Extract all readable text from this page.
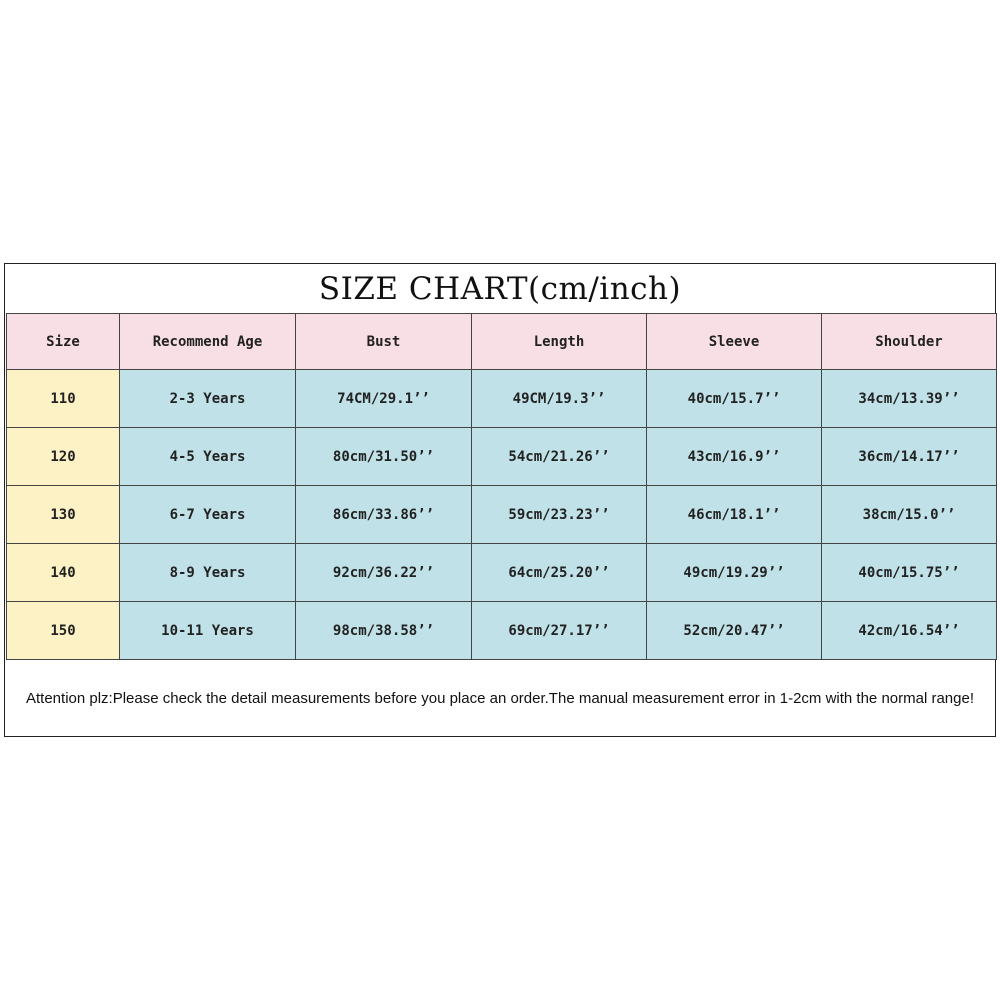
SIZE CHART(cm/inch)
Size	Recommend Age	Bust	Length	Sleeve	Shoulder
110	2-3 Years	74CM/29.1’’	49CM/19.3’’	40cm/15.7’’	34cm/13.39’’
120	4-5 Years	80cm/31.50’’	54cm/21.26’’	43cm/16.9’’	36cm/14.17’’
130	6-7 Years	86cm/33.86’’	59cm/23.23’’	46cm/18.1’’	38cm/15.0’’
140	8-9 Years	92cm/36.22’’	64cm/25.20’’	49cm/19.29’’	40cm/15.75’’
150	10-11 Years	98cm/38.58’’	69cm/27.17’’	52cm/20.47’’	42cm/16.54’’
Attention plz:Please check the detail measurements before you place an order.The manual measurement error in 1-2cm with the normal range!
